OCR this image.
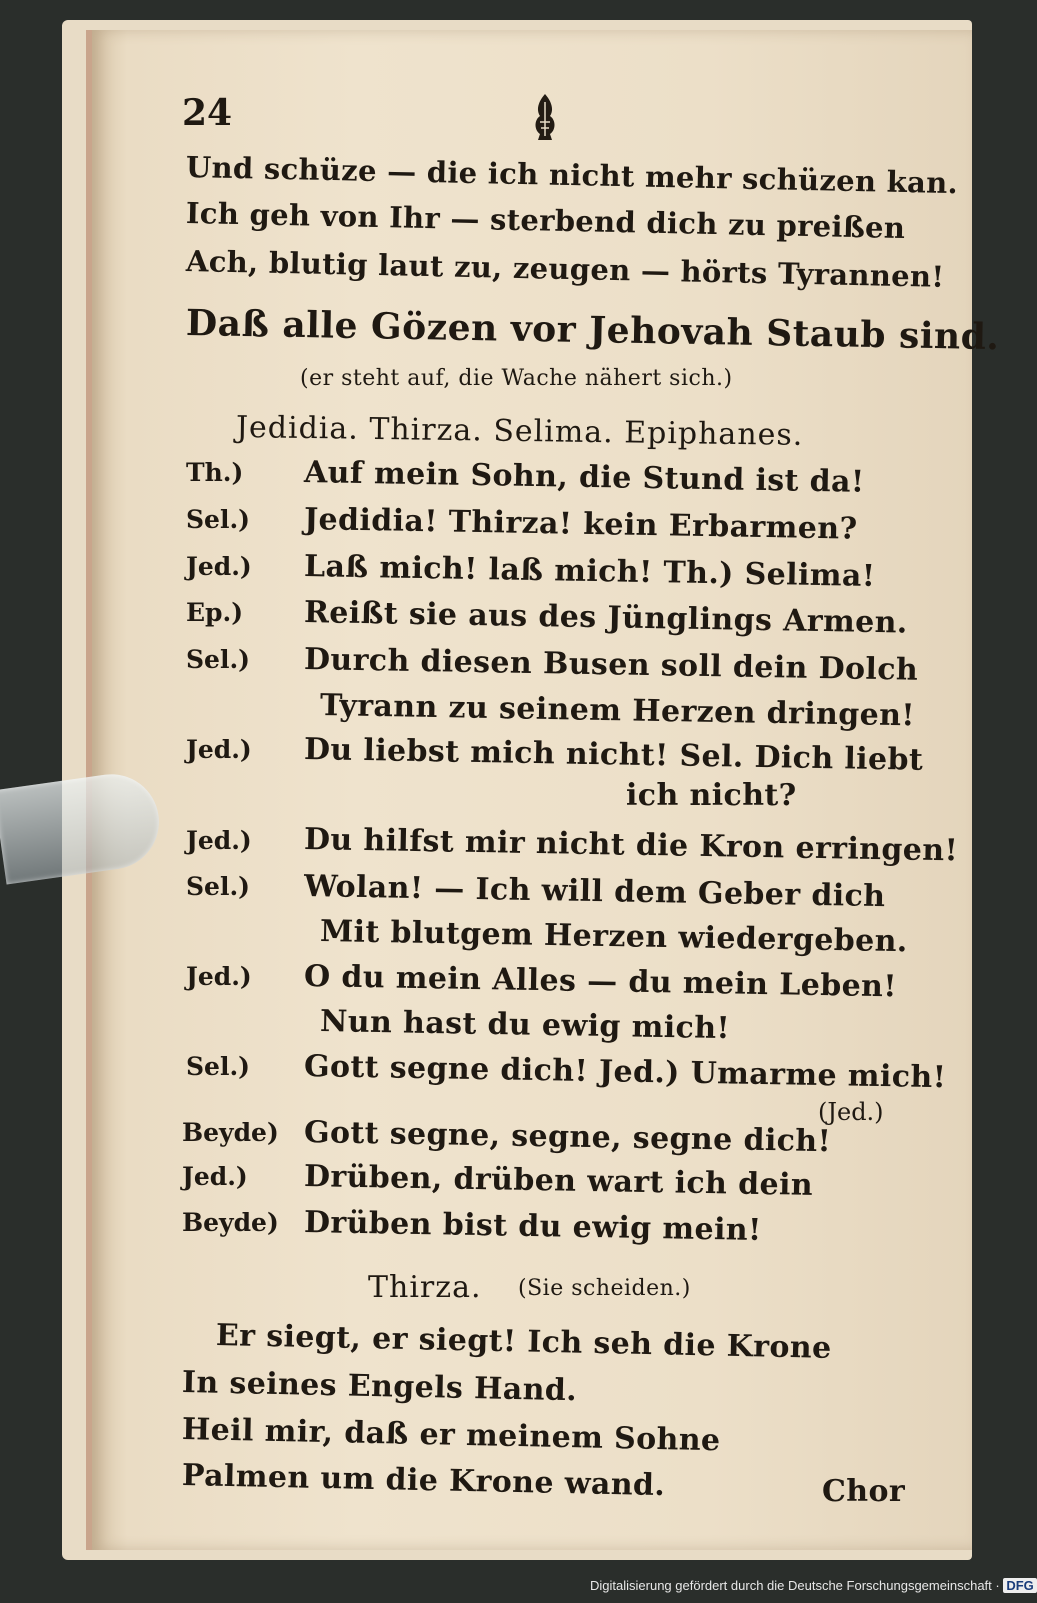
24
Und schüze — die ich nicht mehr schüzen kan.
Ich geh von Ihr — sterbend dich zu preißen
Ach, blutig laut zu, zeugen — hörts Tyrannen!
Daß alle Gözen vor Jehovah Staub sind.
(er steht auf, die Wache nähert sich.)
Jedidia. Thirza. Selima. Epiphanes.
Th.) Auf mein Sohn, die Stund ist da!
Sel.) Jedidia! Thirza! kein Erbarmen?
Jed.) Laß mich! laß mich! Th.) Selima!
Ep.) Reißt sie aus des Jünglings Armen.
Sel.) Durch diesen Busen soll dein Dolch
Tyrann zu seinem Herzen dringen!
Jed.) Du liebst mich nicht! Sel. Dich liebt
ich nicht?
Jed.) Du hilfst mir nicht die Kron erringen!
Sel.) Wolan! — Ich will dem Geber dich
Mit blutgem Herzen wiedergeben.
Jed.) O du mein Alles — du mein Leben!
Nun hast du ewig mich!
Sel.) Gott segne dich! Jed.) Umarme mich!
(Jed.)
Beyde) Gott segne, segne, segne dich!
Jed.) Drüben, drüben wart ich dein
Beyde) Drüben bist du ewig mein!
Thirza. (Sie scheiden.)
Er siegt, er siegt! Ich seh die Krone
In seines Engels Hand.
Heil mir, daß er meinem Sohne
Palmen um die Krone wand.	Chor
Digitalisierung gefördert durch die Deutsche Forschungsgemeinschaft · DFG
